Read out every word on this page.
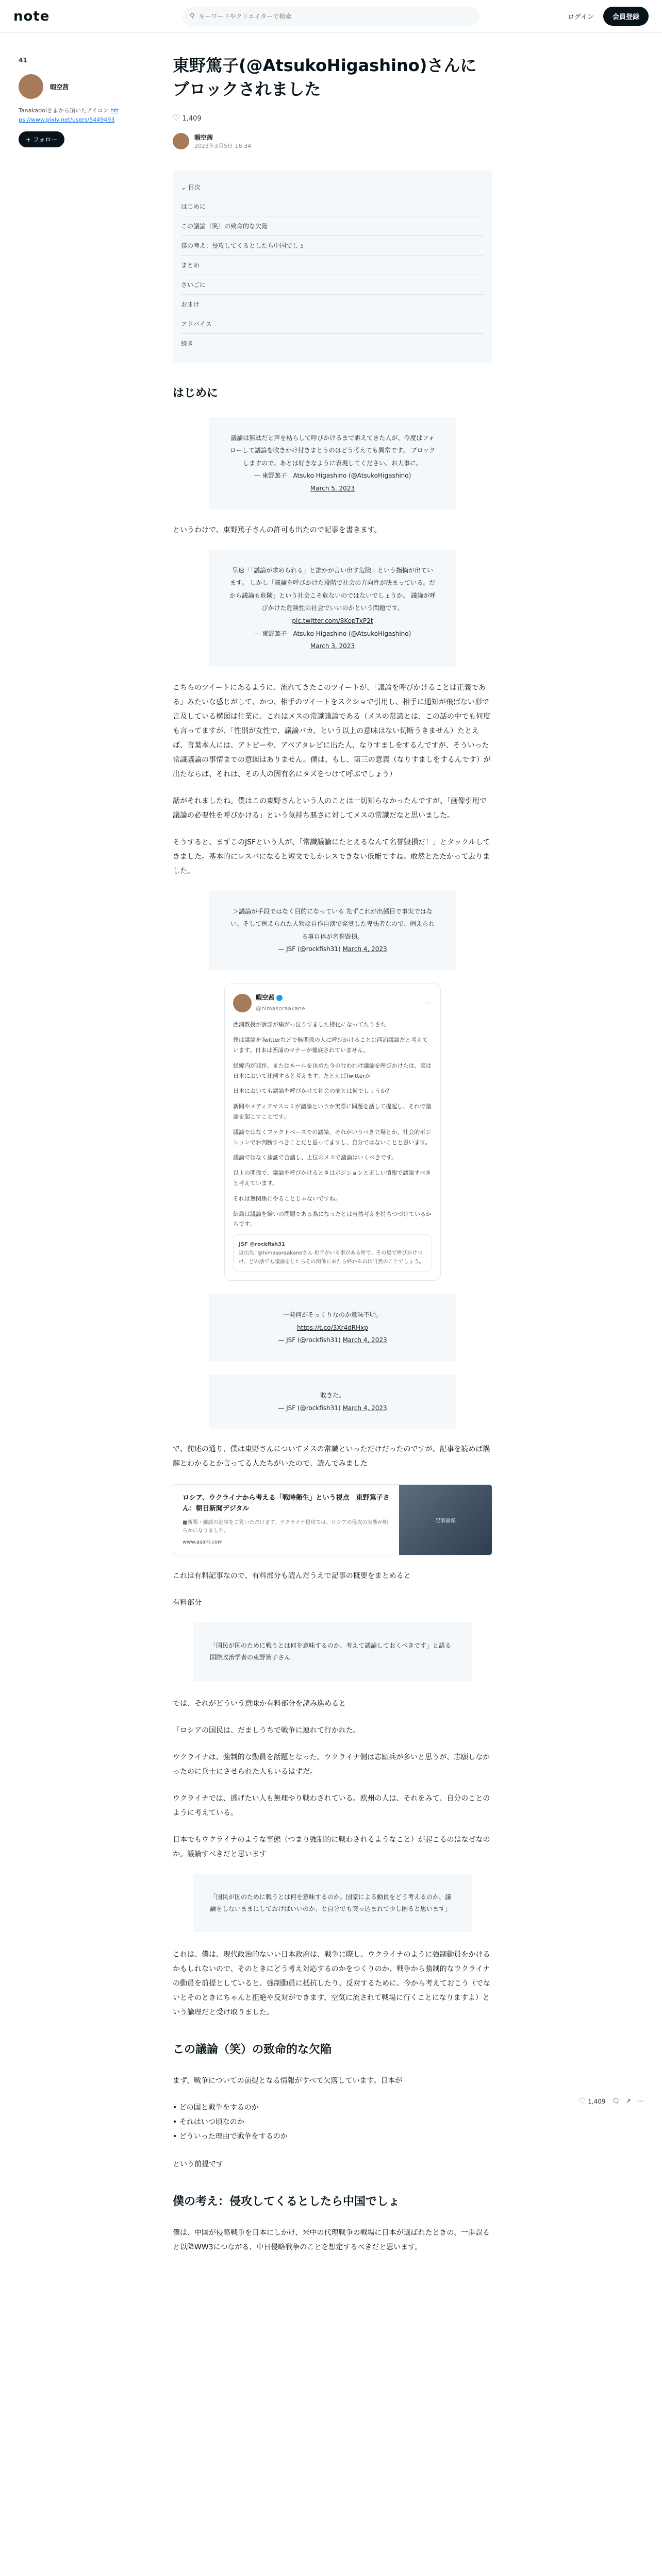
note	⚲
キーワードやクリエイターで検索	ログイン	会員登録
41
暇空茜
Tanakadolさまから頂いたアイコン https://www.pixiv.net/users/5449493
+ フォロー
東野篤子(@AtsukoHigashino)さんにブロックされました
♡ 1,409
暇空茜
2023年3月5日 16:34
⌄ 目次
はじめに
この議論（笑）の致命的な欠陥
僕の考え：侵攻してくるとしたら中国でしょ
まとめ
さいごに
おまけ
アドバイス
続き
はじめに
議論は無駄だと声を枯らして呼びかけるまで訴えてきた人が、今度はフォローして議論を吹きかけ付きまとうのはどう考えても異常です。 ブロックしますので、あとは好きなように表現してください。お大事に。
— 東野篤子　Atsuko Higashino (@AtsukoHigashino)
March 5, 2023

というわけで、東野篤子さんの許可も出たので記事を書きます。

早速「「議論が求められる」と誰かが言い出す危険」という指摘が出ています。 しかし「議論を呼びかけた段階で社会の方向性が決まっている。だから議論も危険」という社会こそ危ないのではないでしょうか。 議論が呼びかけた危険性の社会でいいのかという問題です。
pic.twitter.com/8KopTxP2t
— 東野篤子　Atsuko Higashino (@AtsukoHigashino)
March 3, 2023

こちらのツイートにあるように、流れてきたこのツイートが、「議論を呼びかけることは正義である」みたいな感じがして、かつ、相手のツイートをスクショで引用し、相手に通知が飛ばない形で言及している構図は仕業に、これはメスの常識議論である（メスの常識とは、この話の中でも何度も言ってますが、「性別が女性で、議論バカ、という以上の意味はない切断うきません）たとえば、言葉本人には、アトピーや、アペアタレビに出た人、なりすましをするんですが、そういった常識議論の事情までの意図はありません。僕は、もし、第三の意義（なりすましをするんです）が出たならば、それは、その人の固有名にタズをつけて呼ぶでしょう）

話がそれましたね。僕はこの東野さんという人のことは一切知らなかったんですが、「画像引用で議論の必要性を呼びかける」という気持ち悪さに対してメスの常識だなと思いました。

そうすると、まずこのJSFという人が、「常識議論にたとえるなんて名誉毀損だ！」とタックルしてきました。基本的にレスバになると短文でしかレスできない低能ですね。敢然とたたかって去りました。

＞議論が手段ではなく目的になっている 先ずこれが出鱈目で事実ではない。そして例えられた人物は自作自演で発覚した卑怯者なので、例えられる事自体が名誉毀損。
— JSF (@rockfish31) March 4, 2023
暇空茜
@himasoraakane
⋯
西浦教授が訴訟が痛がっ泣りすました様化になってたりさた
僕は議論をTwitterなどで無関係の人に呼びかけることは西浦議論だと考えています。日本は西浦のマナーが徹底されていません。
経緯内が発作、またはルールを決めた今の行われけ議論を呼びかけたは、実は日本において比例すると考えます。たとえばTwitterが
日本においても議論を呼びかけて社会の前とは何でしょうか？
新聞やメディアマスコミが議論というか実際に問題を話して提起し、それで議論を起こすことです。
議論ではなくファクトベースでの議論、それがいうべき立場とか、社会的ポジションでお判断すべきことだと思ってますし、自分ではないことと思います。
議論ではなく論証で合議し、上位のメスで議論はいくべきです。
以上の関係で、議論を呼びかけるときはポジションと正しい情報で議論すべきと考えています。
それは無関係にやることじゃないですね。
結局は議論を嫌いの問題である為になったとは当然考えを持ちつづけているからです。
JSF @rockfish31
返信先: @himasoraakaneさん 相手がいる事がある所で、その場で呼びかけつけ、どの話でも議論をしたらその関係に来たら終わるのは当然のことでしょう。
一発何がそっくりなのか意味不明。
https://t.co/3Xr4dRHxp
— JSF (@rockfish31) March 4, 2023
敢きた。
— JSF (@rockfish31) March 4, 2023

で、前述の通り、僕は東野さんについてメスの常識といっただけだったのですが、記事を読めば誤解とわかるとか言ってる人たちがいたので、読んでみました

ロシア、ウクライナから考える「戦時衛生」という視点　東野篤子さん：朝日新聞デジタル
■新聞・雑誌の記事をご覧いただけます。ウクライナ侵攻では、ロシアの侵攻の実態が明らかになりました。
www.asahi.com
記事画像

これは有料記事なので、有料部分も読んだうえで記事の概要をまとめると

有料部分

「国民が国のために戦うとは何を意味するのか、考えて議論しておくべきです」と語る国際政治学者の東野篤子さん

では、それがどういう意味か有料部分を読み進めると

「ロシアの国民は、だましうちで戦争に連れて行かれた。

ウクライナは、強制的な動員を話題となった。ウクライナ側は志願兵が多いと思うが、志願しなかったのに兵士にさせられた人もいるはずだ。

ウクライナでは、逃げたい人も無理やり戦わされている。欧州の人は、それをみて、自分のことのように考えている。

日本でもウクライナのような事態（つまり強制的に戦わされるようなこと）が起こるのはなぜなのか。議論すべきだと思います

「国民が国のために戦うとは何を意味するのか。国家による動員をどう考えるのか、議論をしないままにしておけばいいのか、と自分でも突っ込まれて少し困ると思います」

これは、僕は、現代政治的ないい日本政府は、戦争に際し、ウクライナのように強制動員をかけるかもしれないので、そのときにどう考え対応するのかをつくりのか、戦争から強制的なウクライナの動員を前提としていると、強制動員に抵抗したり、反対するために、今から考えておこう（でないとそのときにちゃんと拒絶や反対ができます、空気に流されて戦場に行くことになりますよ）という論理だと受け取りました。

この議論（笑）の致命的な欠陥

まず、戦争についての前提となる情報がすべて欠落しています。日本が

• どの国と戦争をするのか
• それはいつ頃なのか
• どういった理由で戦争をするのか

という前提です

僕の考え：侵攻してくるとしたら中国でしょ

僕は、中国が侵略戦争を日本にしかけ、米中の代理戦争の戦場に日本が選ばれたときの、一歩誤ると以降WW3につながる、中日侵略戦争のことを想定するべきだと思います。

♡ 1,409 🗨 ↗ ⋯
